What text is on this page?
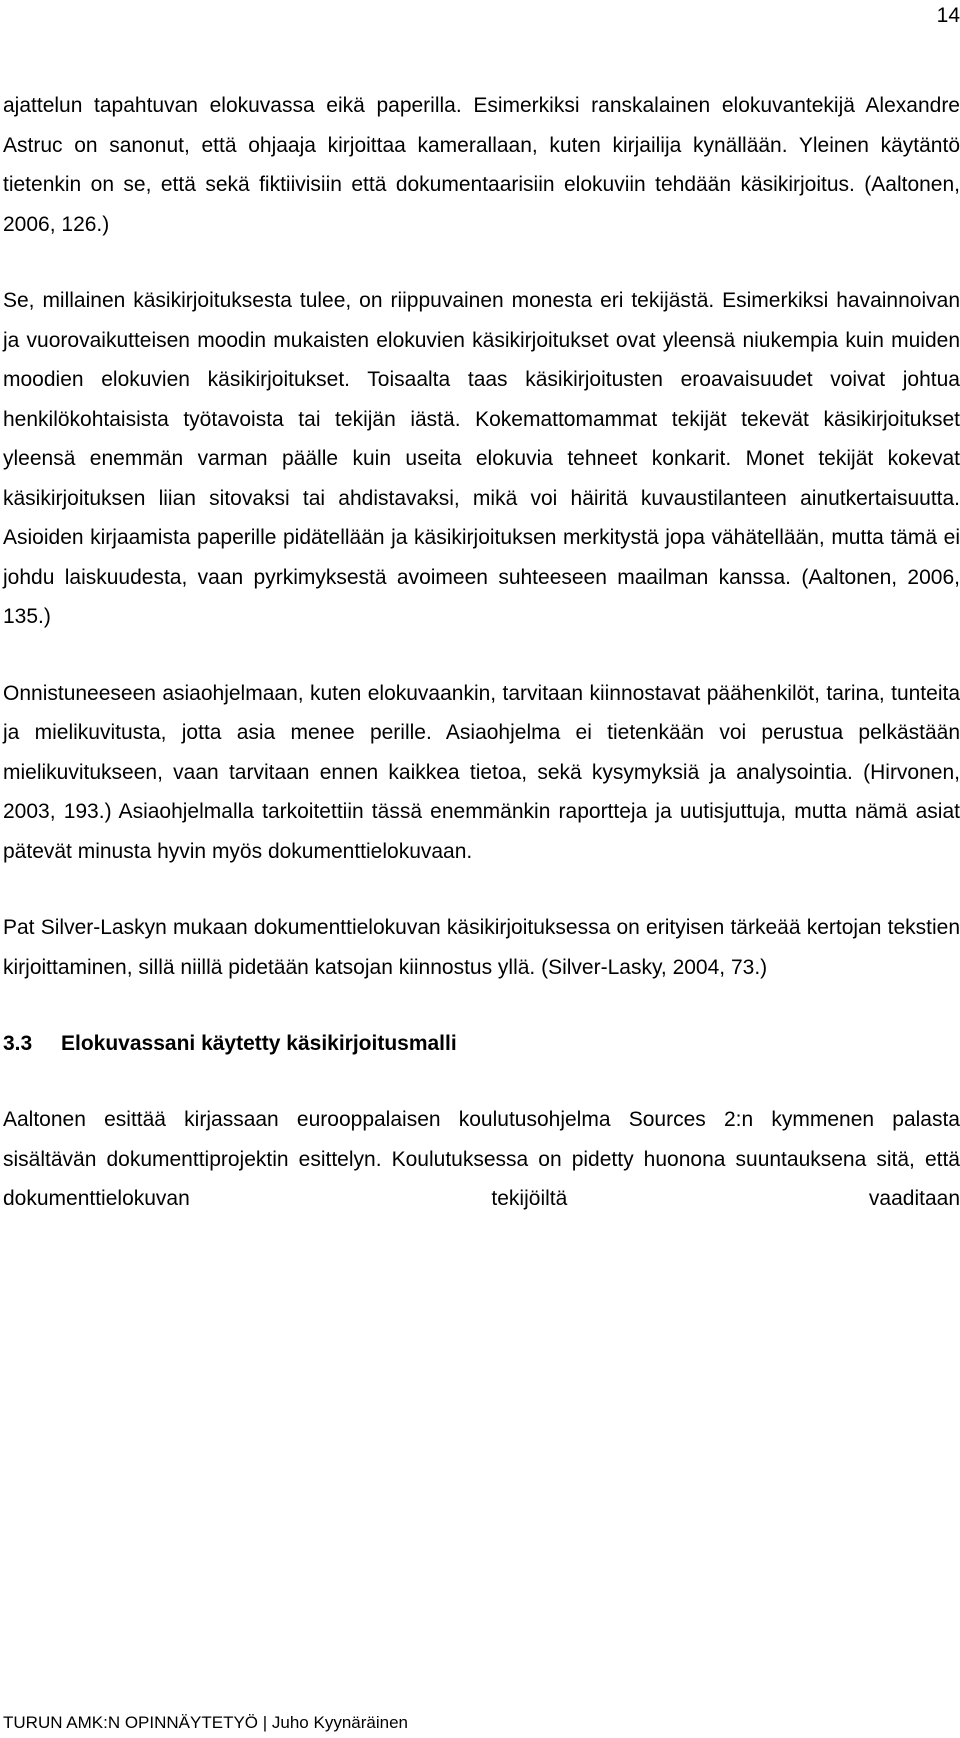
14

ajattelun tapahtuvan elokuvassa eikä paperilla. Esimerkiksi ranskalainen elokuvantekijä Alexandre Astruc on sanonut, että ohjaaja kirjoittaa kamerallaan, kuten kirjailija kynällään. Yleinen käytäntö tietenkin on se, että sekä fiktiivisiin että dokumentaarisiin elokuviin tehdään käsikirjoitus. (Aaltonen, 2006, 126.)

Se, millainen käsikirjoituksesta tulee, on riippuvainen monesta eri tekijästä. Esimerkiksi havainnoivan ja vuorovaikutteisen moodin mukaisten elokuvien käsikirjoitukset ovat yleensä niukempia kuin muiden moodien elokuvien käsikirjoitukset. Toisaalta taas käsikirjoitusten eroavaisuudet voivat johtua henkilökohtaisista työtavoista tai tekijän iästä. Kokemattomammat tekijät tekevät käsikirjoitukset yleensä enemmän varman päälle kuin useita elokuvia tehneet konkarit. Monet tekijät kokevat käsikirjoituksen liian sitovaksi tai ahdistavaksi, mikä voi häiritä kuvaustilanteen ainutkertaisuutta. Asioiden kirjaamista paperille pidätellään ja käsikirjoituksen merkitystä jopa vähätellään, mutta tämä ei johdu laiskuudesta, vaan pyrkimyksestä avoimeen suhteeseen maailman kanssa. (Aaltonen, 2006, 135.)

Onnistuneeseen asiaohjelmaan, kuten elokuvaankin, tarvitaan kiinnostavat päähenkilöt, tarina, tunteita ja mielikuvitusta, jotta asia menee perille. Asiaohjelma ei tietenkään voi perustua pelkästään mielikuvitukseen, vaan tarvitaan ennen kaikkea tietoa, sekä kysymyksiä ja analysointia. (Hirvonen, 2003, 193.) Asiaohjelmalla tarkoitettiin tässä enemmänkin raportteja ja uutisjuttuja, mutta nämä asiat pätevät minusta hyvin myös dokumenttielokuvaan.

Pat Silver-Laskyn mukaan dokumenttielokuvan käsikirjoituksessa on erityisen tärkeää kertojan tekstien kirjoittaminen, sillä niillä pidetään katsojan kiinnostus yllä. (Silver-Lasky, 2004, 73.)

3.3 Elokuvassani käytetty käsikirjoitusmalli

Aaltonen esittää kirjassaan eurooppalaisen koulutusohjelma Sources 2:n kymmenen palasta sisältävän dokumenttiprojektin esittelyn. Koulutuksessa on pidetty huonona suuntauksena sitä, että dokumenttielokuvan tekijöiltä vaaditaan

TURUN AMK:N OPINNÄYTETYÖ | Juho Kyynäräinen
